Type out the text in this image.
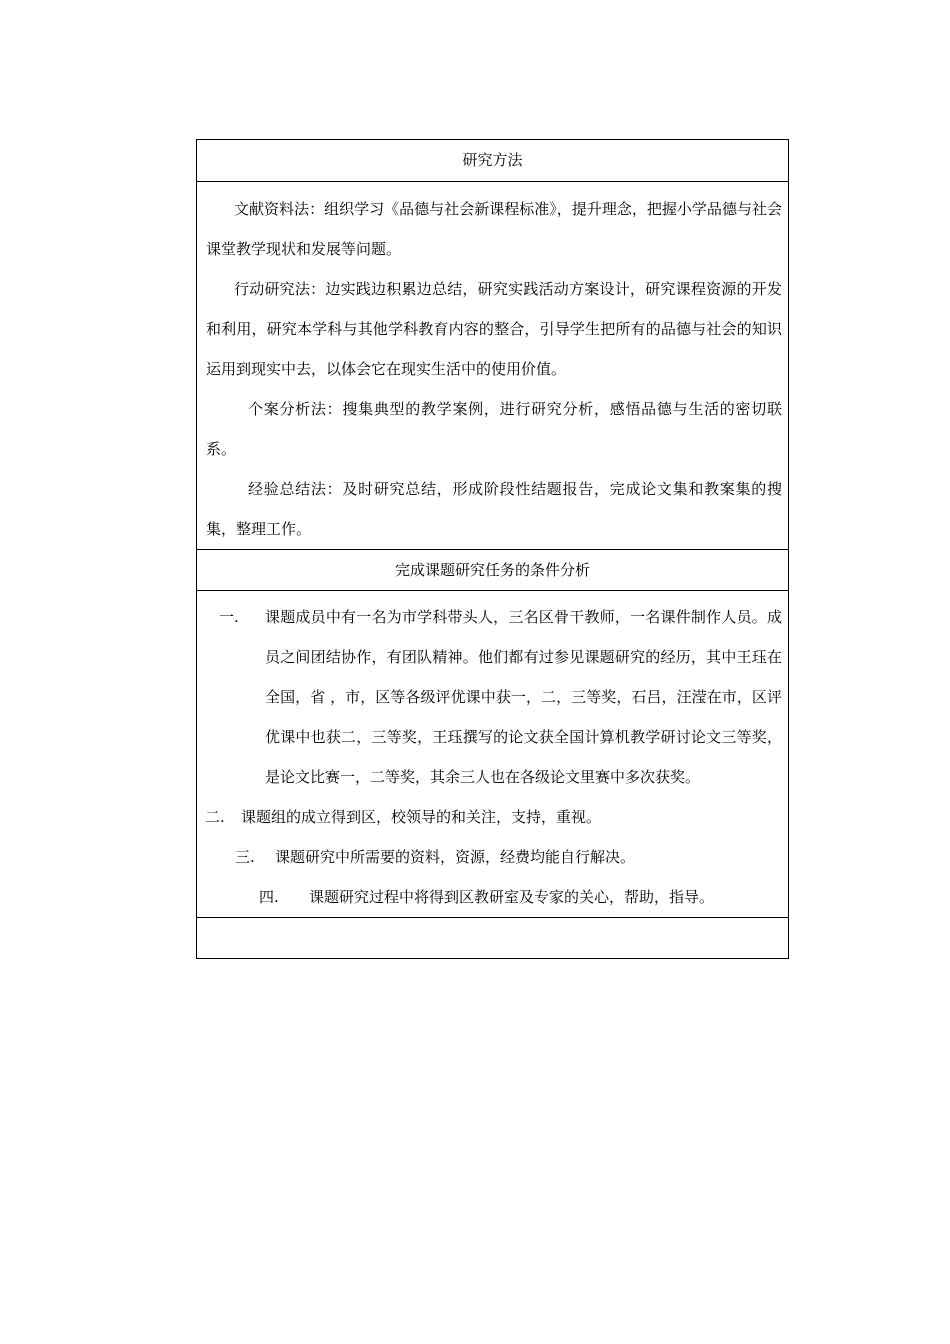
研究方法

文献资料法：组织学习《品德与社会新课程标准》，提升理念，把握小学品德与社会课堂教学现状和发展等问题。

行动研究法：边实践边积累边总结，研究实践活动方案设计，研究课程资源的开发和利用，研究本学科与其他学科教育内容的整合，引导学生把所有的品德与社会的知识运用到现实中去，以体会它在现实生活中的使用价值。

个案分析法：搜集典型的教学案例，进行研究分析，感悟品德与生活的密切联系。

经验总结法：及时研究总结，形成阶段性结题报告，完成论文集和教案集的搜集，整理工作。

完成课题研究任务的条件分析
一.	课题成员中有一名为市学科带头人，三名区骨干教师，一名课件制作人员。成员之间团结协作，有团队精神。他们都有过参见课题研究的经历，其中王珏在全国，省 ，市，区等各级评优课中获一，二，三等奖，石吕，汪滢在市，区评优课中也获二，三等奖，王珏撰写的论文获全国计算机教学研讨论文三等奖，是论文比赛一，二等奖，其余三人也在各级论文里赛中多次获奖。
二. 课题组的成立得到区，校领导的和关注，支持，重视。
三. 课题研究中所需要的资料，资源，经费均能自行解决。
四. 课题研究过程中将得到区教研室及专家的关心，帮助，指导。
